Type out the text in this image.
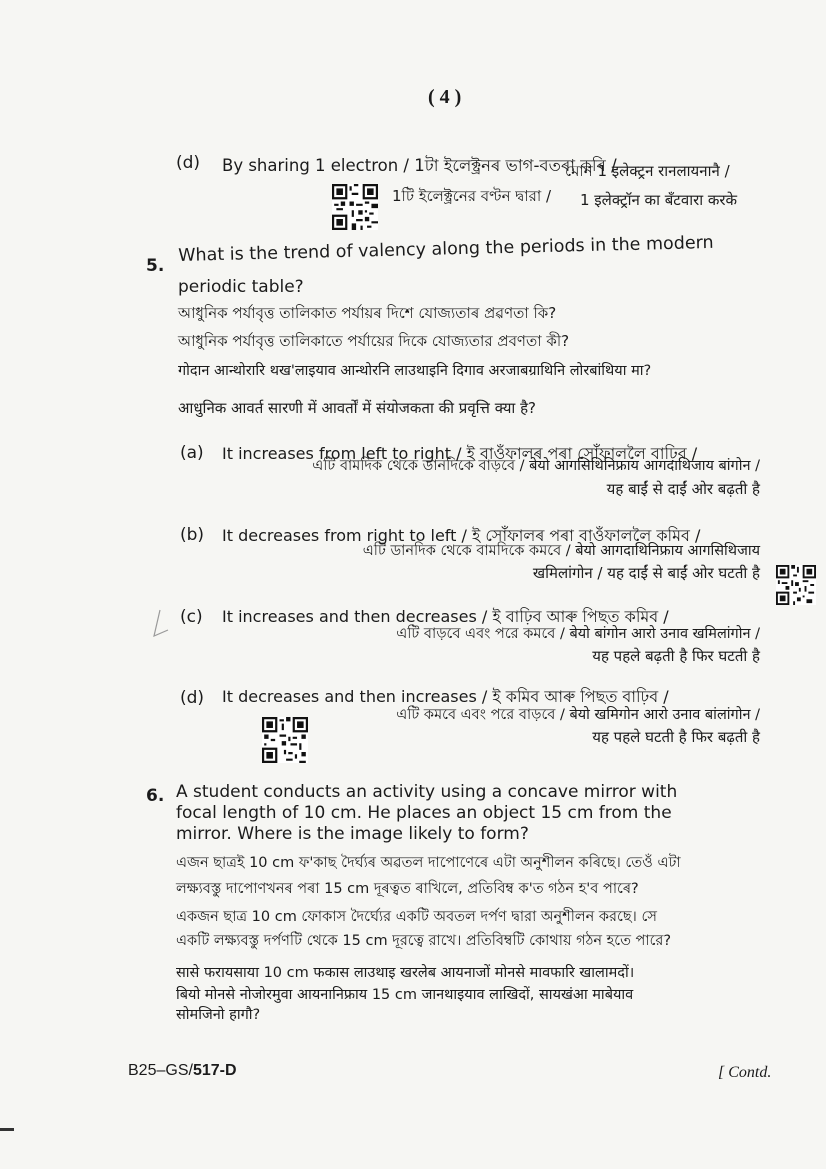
( 4 )
(d) By sharing 1 electron / 1টা ইলেক্ট্ৰনৰ ভাগ-বতৰা কৰি /
1টি ইলেক্ট্রনের বণ্টন দ্বারা /
মোন 1 इलेक्ट्रन रानलायनानै /
1 इलेक्ट्रॉन का बँटवारा करके
5.
What is the trend of valency along the periods in the modern
periodic table?
আধুনিক পৰ্যাবৃত্ত তালিকাত পৰ্যায়ৰ দিশে যোজ্যতাৰ প্ৰৱণতা কি?
আধুনিক পর্যাবৃত্ত তালিকাতে পর্যায়ের দিকে যোজ্যতার প্রবণতা কী?
गोदान आन्थोरारि थख'लाइयाव आन्थोरनि लाउथाइनि दिगाव अरजाबग्राथिनि लोरबांथिया मा?
आधुनिक आवर्त सारणी में आवर्तों में संयोजकता की प्रवृत्ति क्या है?
(a) It increases from left to right / ই বাওঁফালৰ পৰা সোঁফাললৈ বাঢ়িব /
এটি বামদিক থেকে ডানদিকে বাড়বে / बेयो आगसिथिनिफ्राय आगदाथिजाय बांगोन /
यह बाईं से दाईं ओर बढ़ती है
(b) It decreases from right to left / ই সোঁফালৰ পৰা বাওঁফাললৈ কমিব /
এটি ডানদিক থেকে বামদিকে কমবে / बेयो आगदाथिनिफ्राय आगसिथिजाय
खमिलांगोन / यह दाईं से बाईं ओर घटती है
(c) It increases and then decreases / ই বাঢ়িব আৰু পিছত কমিব /
এটি বাড়বে এবং পরে কমবে / बेयो बांगोन आरो उनाव खमिलांगोन /
यह पहले बढ़ती है फिर घटती है
(d) It decreases and then increases / ই কমিব আৰু পিছত বাঢ়িব /
এটি কমবে এবং পরে বাড়বে / बेयो खमिगोन आरो उनाव बांलांगोन /
यह पहले घटती है फिर बढ़ती है
6. A student conducts an activity using a concave mirror with
focal length of 10 cm. He places an object 15 cm from the
mirror. Where is the image likely to form?
এজন ছাত্ৰই 10 cm ফ'কাছ দৈৰ্ঘ্যৰ অৱতল দাপোণেৰে এটা অনুশীলন কৰিছে। তেওঁ এটা
লক্ষ্যবস্তু দাপোণখনৰ পৰা 15 cm দূৰত্বত ৰাখিলে, প্ৰতিবিম্ব ক'ত গঠন হ'ব পাৰে?
একজন ছাত্র 10 cm ফোকাস দৈর্ঘ্যের একটি অবতল দর্পণ দ্বারা অনুশীলন করছে। সে
একটি লক্ষ্যবস্তু দর্পণটি থেকে 15 cm দূরত্বে রাখে। প্রতিবিম্বটি কোথায় গঠন হতে পারে?
सासे फरायसाया 10 cm फकास लाउथाइ खरलेब आयनाजों मोनसे मावफारि खालामदों।
बियो मोनसे नोजोरमुवा आयनानिफ्राय 15 cm जानथाइयाव लाखिदों, सायखंआ माबेयाव
सोमजिनो हागौ?
B25–GS/517-D	[ Contd.
